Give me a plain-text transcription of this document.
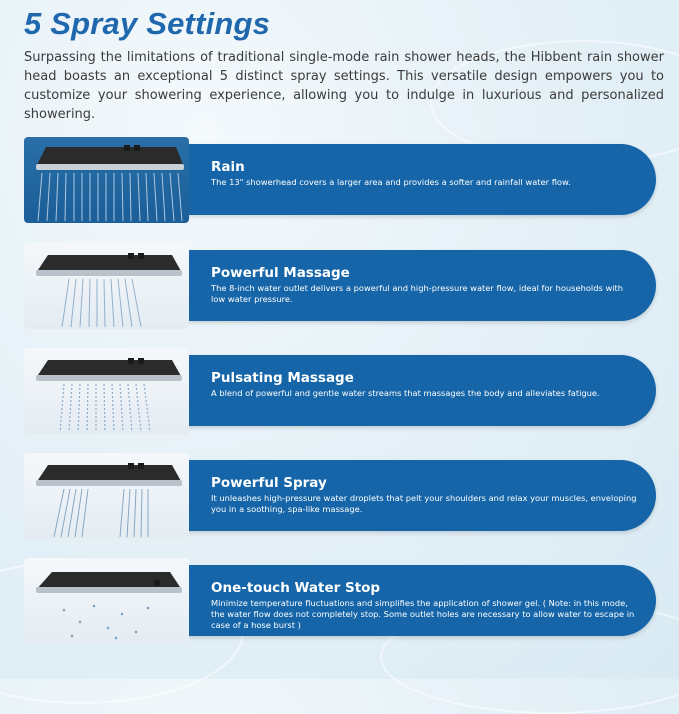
5 Spray Settings

Surpassing the limitations of traditional single-mode rain shower heads, the Hibbent rain shower head boasts an exceptional 5 distinct spray settings. This versatile design empowers you to customize your showering experience, allowing you to indulge in luxurious and personalized showering.

Rain

The 13" showerhead covers a larger area and provides a softer and rainfall water flow.

Powerful Massage

The 8-inch water outlet delivers a powerful and high-pressure water flow, ideal for households with low water pressure.

Pulsating Massage

A blend of powerful and gentle water streams that massages the body and alleviates fatigue.

Powerful Spray

It unleashes high-pressure water droplets that pelt your shoulders and relax your muscles, enveloping you in a soothing, spa-like massage.

One-touch Water Stop

Minimize temperature fluctuations and simplifies the application of shower gel. ( Note: in this mode, the water flow does not completely stop. Some outlet holes are necessary to allow water to escape in case of a hose burst )
